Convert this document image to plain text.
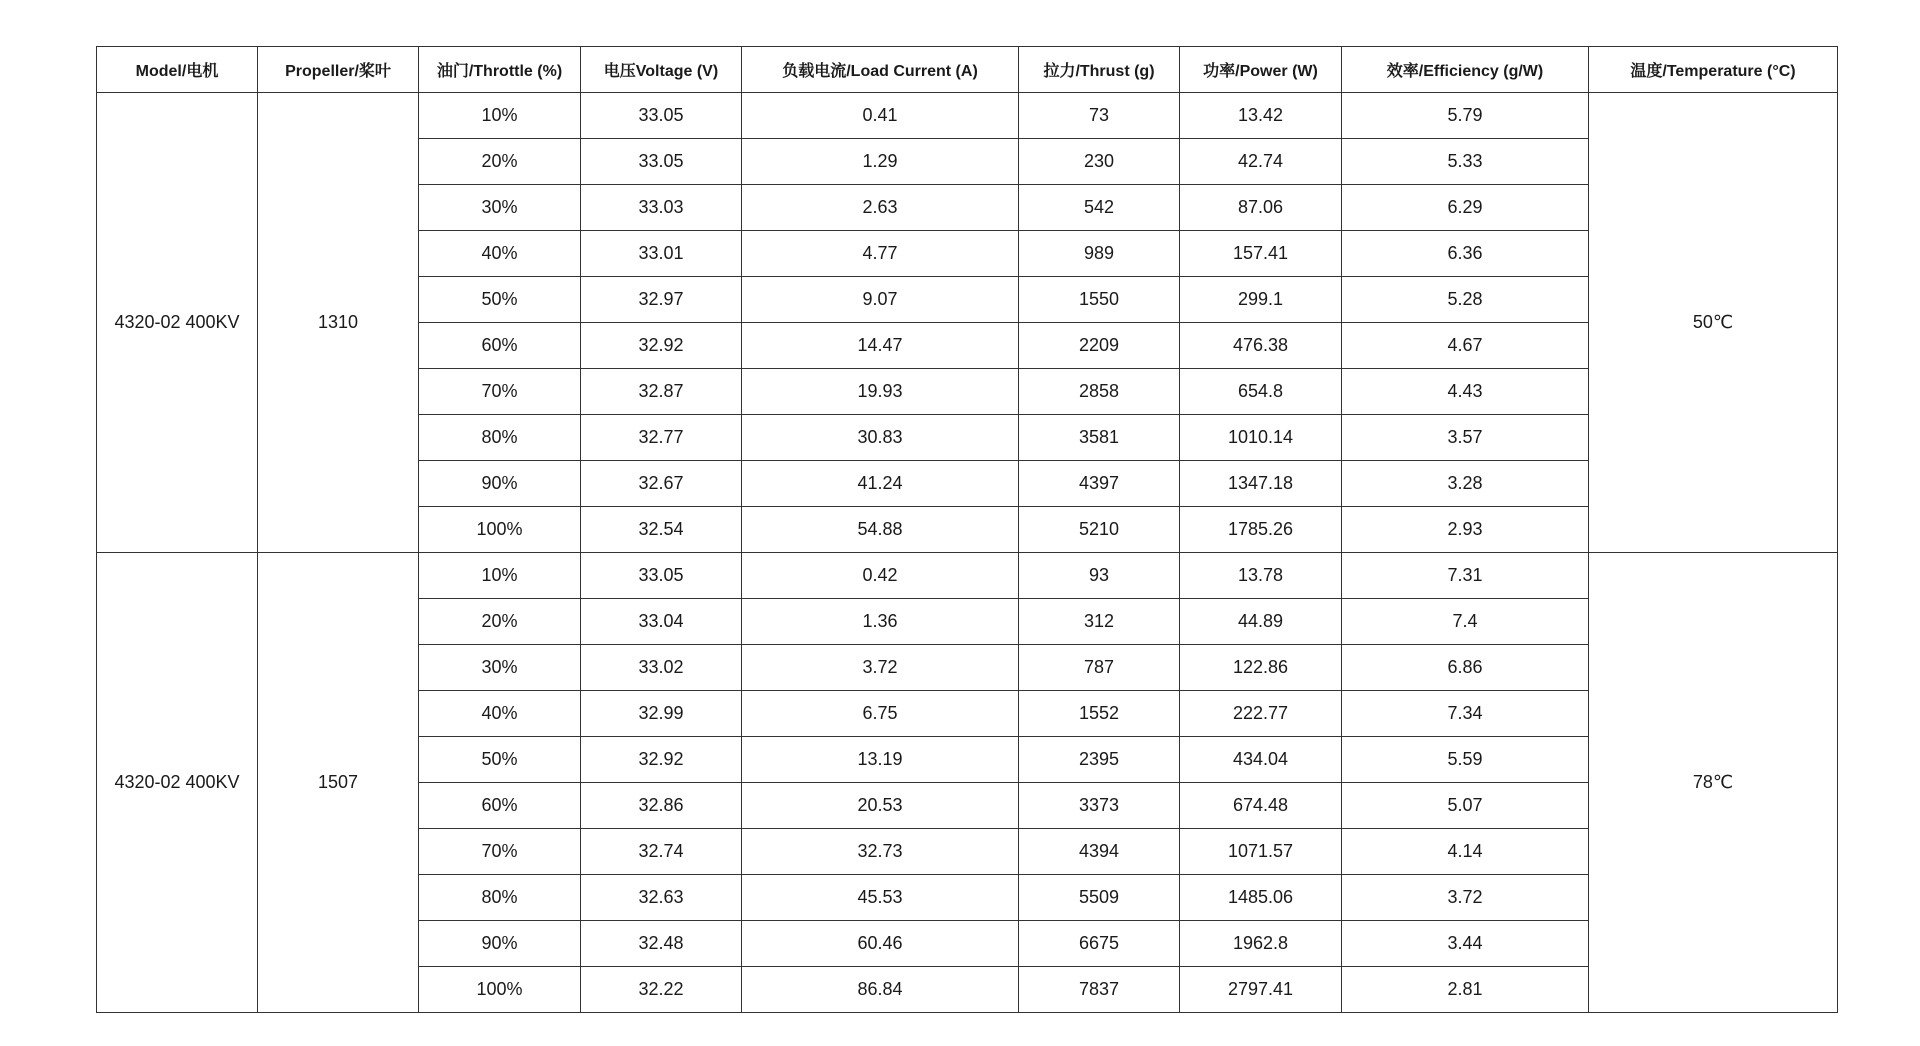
Model/电机	Propeller/桨叶	油门/Throttle (%)	电压Voltage (V)	负载电流/Load Current (A)	拉力/Thrust (g)	功率/Power (W)	效率/Efficiency (g/W)	温度/Temperature (°C)
4320-02 400KV	1310	10%	33.05	0.41	73	13.42	5.79	50℃
		20%	33.05	1.29	230	42.74	5.33	
		30%	33.03	2.63	542	87.06	6.29	
		40%	33.01	4.77	989	157.41	6.36	
		50%	32.97	9.07	1550	299.1	5.28	
		60%	32.92	14.47	2209	476.38	4.67	
		70%	32.87	19.93	2858	654.8	4.43	
		80%	32.77	30.83	3581	1010.14	3.57	
		90%	32.67	41.24	4397	1347.18	3.28	
		100%	32.54	54.88	5210	1785.26	2.93	
4320-02 400KV	1507	10%	33.05	0.42	93	13.78	7.31	78℃
		20%	33.04	1.36	312	44.89	7.4	
		30%	33.02	3.72	787	122.86	6.86	
		40%	32.99	6.75	1552	222.77	7.34	
		50%	32.92	13.19	2395	434.04	5.59	
		60%	32.86	20.53	3373	674.48	5.07	
		70%	32.74	32.73	4394	1071.57	4.14	
		80%	32.63	45.53	5509	1485.06	3.72	
		90%	32.48	60.46	6675	1962.8	3.44	
		100%	32.22	86.84	7837	2797.41	2.81	
